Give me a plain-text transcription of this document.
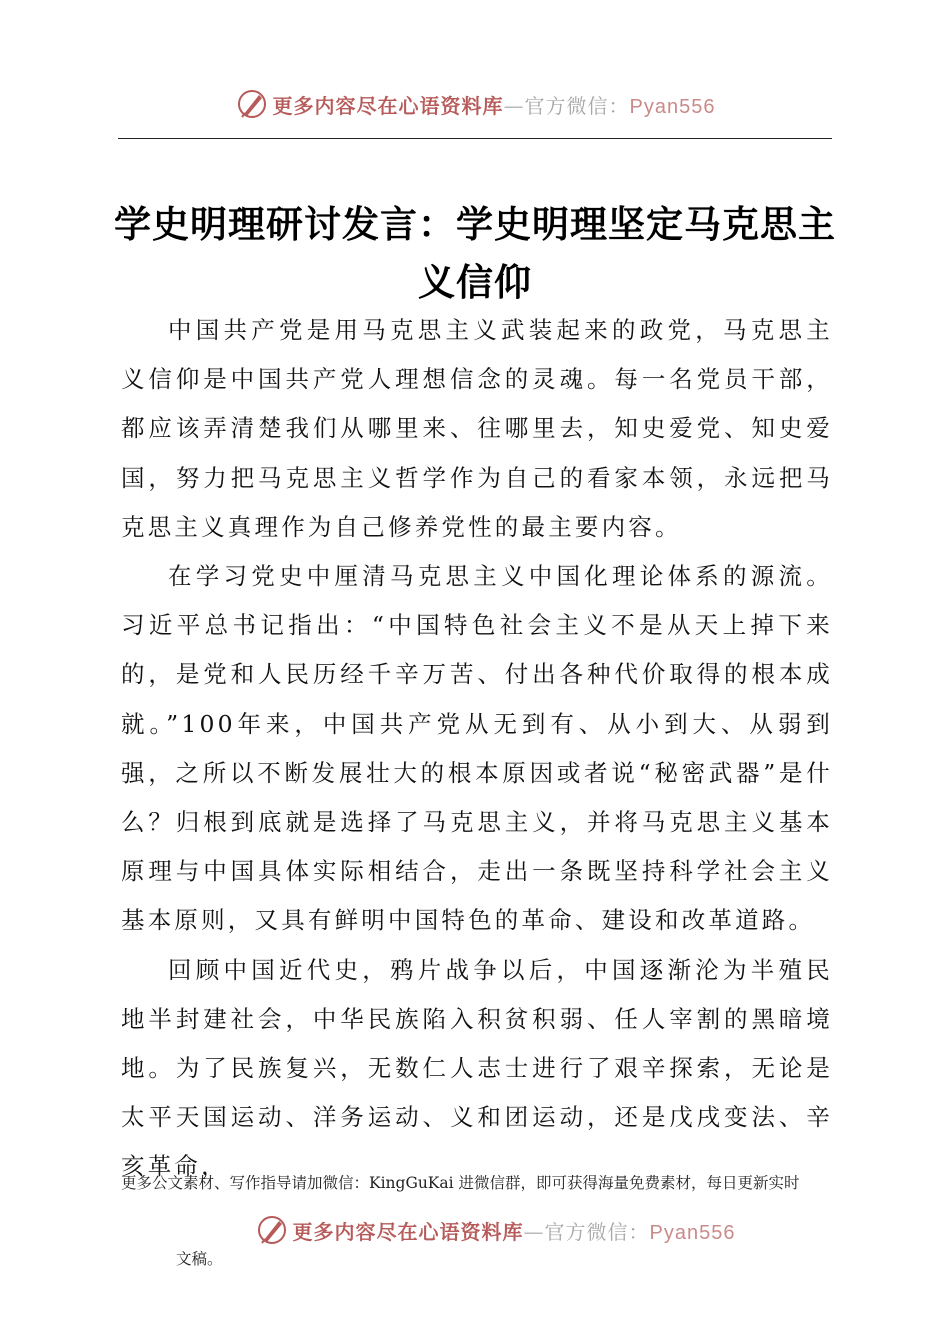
更多内容尽在心语资料库—官方微信：Pyan556
学史明理研讨发言：学史明理坚定马克思主义信仰

中国共产党是用马克思主义武装起来的政党，马克思主义信仰是中国共产党人理想信念的灵魂。每一名党员干部，都应该弄清楚我们从哪里来、往哪里去，知史爱党、知史爱国，努力把马克思主义哲学作为自己的看家本领，永远把马克思主义真理作为自己修养党性的最主要内容。

在学习党史中厘清马克思主义中国化理论体系的源流。习近平总书记指出：“中国特色社会主义不是从天上掉下来的，是党和人民历经千辛万苦、付出各种代价取得的根本成就。”100年来，中国共产党从无到有、从小到大、从弱到强，之所以不断发展壮大的根本原因或者说“秘密武器”是什么？归根到底就是选择了马克思主义，并将马克思主义基本原理与中国具体实际相结合，走出一条既坚持科学社会主义基本原则，又具有鲜明中国特色的革命、建设和改革道路。

回顾中国近代史，鸦片战争以后，中国逐渐沦为半殖民地半封建社会，中华民族陷入积贫积弱、任人宰割的黑暗境地。为了民族复兴，无数仁人志士进行了艰辛探索，无论是太平天国运动、洋务运动、义和团运动，还是戊戌变法、辛亥革命，

更多公文素材、写作指导请加微信：KingGuKai 进微信群，即可获得海量免费素材，每日更新实时
更多内容尽在心语资料库—官方微信：Pyan556
文稿。
